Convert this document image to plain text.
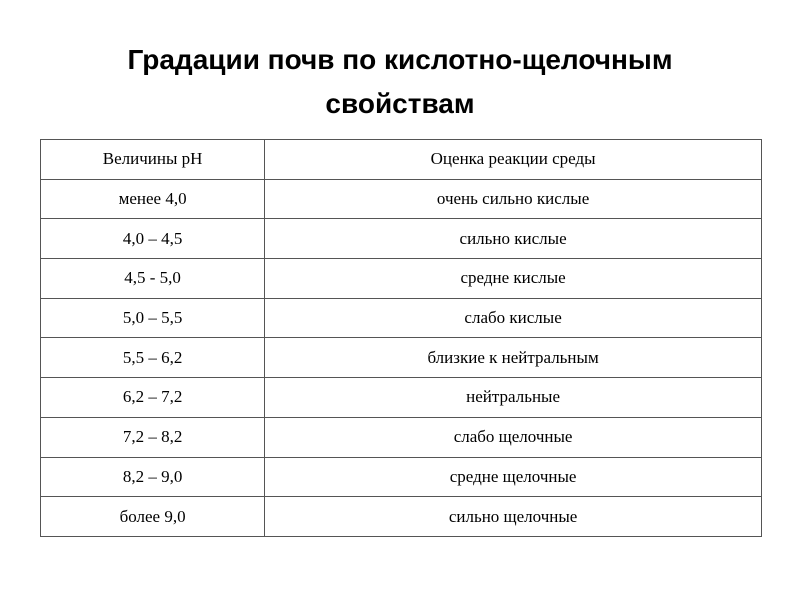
Градации почв по кислотно-щелочным
свойствам
Величины рН	Оценка реакции среды
менее 4,0	очень сильно кислые
4,0 – 4,5	сильно кислые
4,5 - 5,0	средне кислые
5,0 – 5,5	слабо кислые
5,5 – 6,2	близкие к нейтральным
6,2 – 7,2	нейтральные
7,2 – 8,2	слабо щелочные
8,2 – 9,0	средне щелочные
более 9,0	сильно щелочные
